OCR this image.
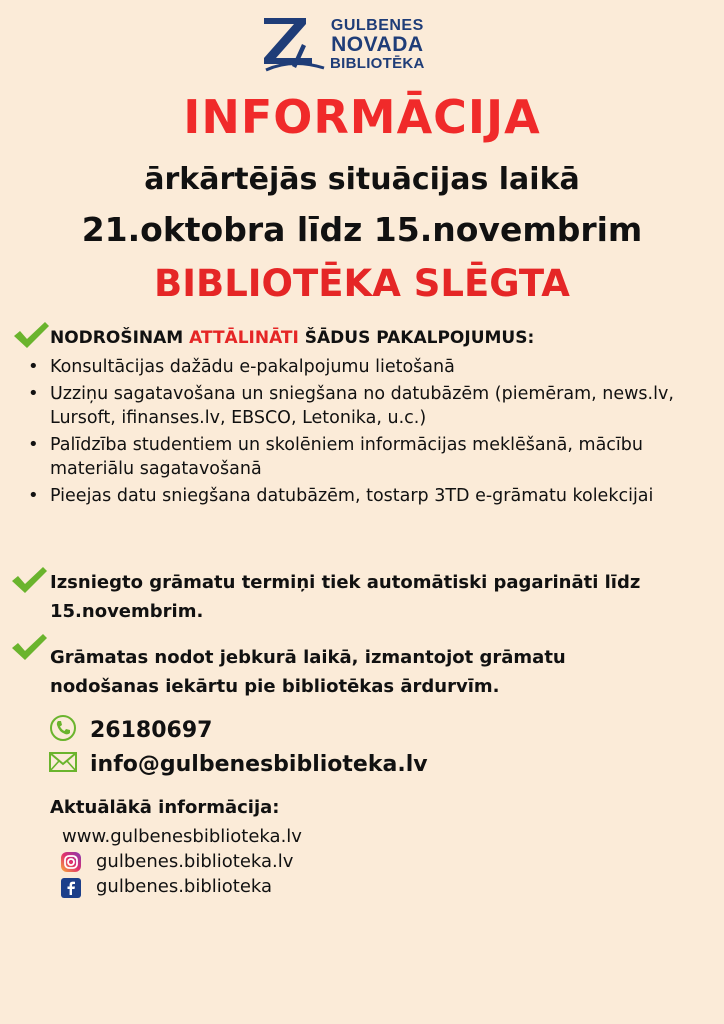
GULBENES
NOVADA
BIBLIOTĒKA
INFORMĀCIJA
ārkārtējās situācijas laikā
21.oktobra līdz 15.novembrim
BIBLIOTĒKA SLĒGTA
NODROŠINAM ATTĀLINĀTI ŠĀDUS PAKALPOJUMUS:
• Konsultācijas dažādu e-pakalpojumu lietošanā
• Uzziņu sagatavošana un sniegšana no datubāzēm (piemēram, news.lv, Lursoft, ifinanses.lv, EBSCO, Letonika, u.c.)
• Palīdzība studentiem un skolēniem informācijas meklēšanā, mācību materiālu sagatavošanā
• Pieejas datu sniegšana datubāzēm, tostarp 3TD e-grāmatu kolekcijai
Izsniegto grāmatu termiņi tiek automātiski pagarināti līdz 15.novembrim.
Grāmatas nodot jebkurā laikā, izmantojot grāmatu nodošanas iekārtu pie bibliotēkas ārdurvīm.
26180697
info@gulbenesbiblioteka.lv
Aktuālākā informācija:
www.gulbenesbiblioteka.lv
gulbenes.biblioteka.lv
gulbenes.biblioteka
